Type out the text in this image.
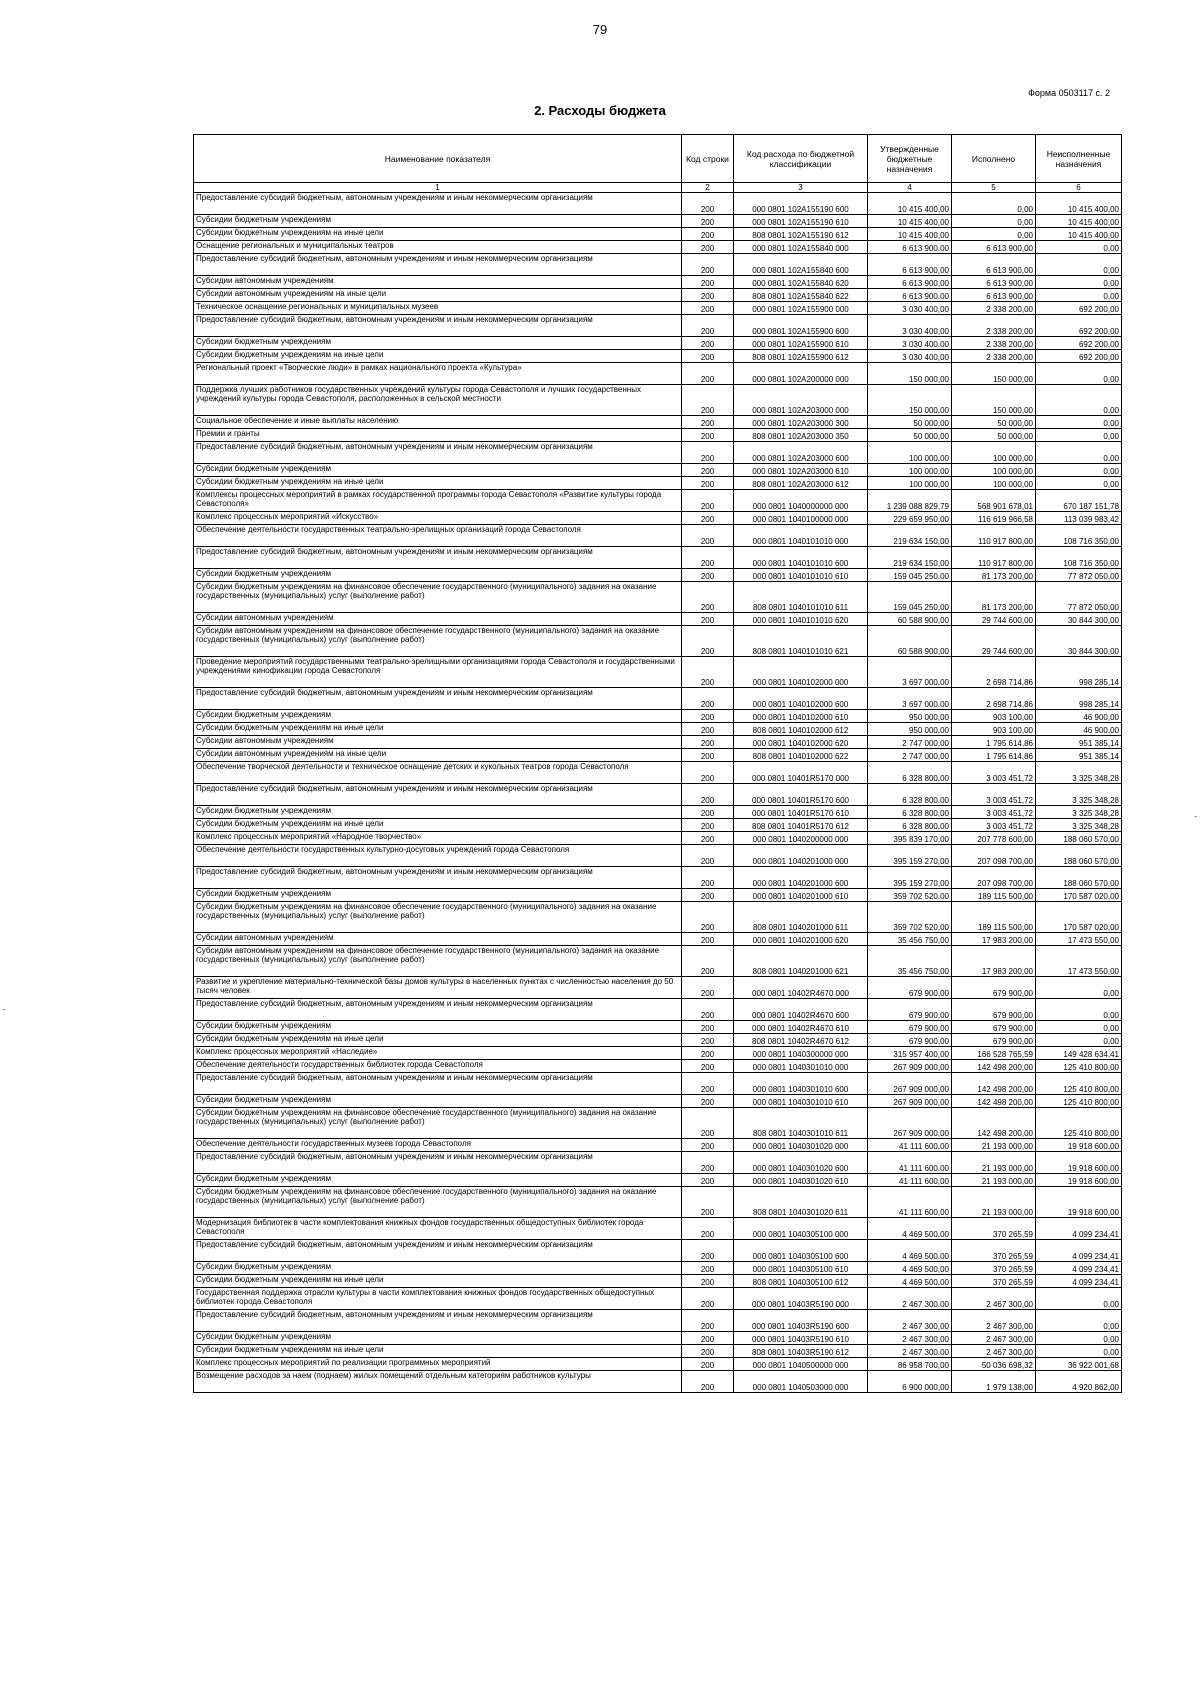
79
Форма 0503117 с. 2
2. Расходы бюджета
-
-
Наименование показателя	Код строки	Код расхода по бюджетной классификации	Утвержденные бюджетные назначения	Исполнено	Неисполненные назначения
1	2	3	4	5	6
Предоставление субсидий бюджетным, автономным учреждениям и иным некоммерческим организациям	200	000 0801 102А155190 600	10 415 400,00	0,00	10 415 400,00
Субсидии бюджетным учреждениям	200	000 0801 102А155190 610	10 415 400,00	0,00	10 415 400,00
Субсидии бюджетным учреждениям на иные цели	200	808 0801 102А155190 612	10 415 400,00	0,00	10 415 400,00
Оснащение региональных и муниципальных театров	200	000 0801 102А155840 000	6 613 900,00	6 613 900,00	0,00
Предоставление субсидий бюджетным, автономным учреждениям и иным некоммерческим организациям	200	000 0801 102А155840 600	6 613 900,00	6 613 900,00	0,00
Субсидии автономным учреждениям	200	000 0801 102А155840 620	6 613 900,00	6 613 900,00	0,00
Субсидии автономным учреждениям на иные цели	200	808 0801 102А155840 622	6 613 900,00	6 613 900,00	0,00
Техническое оснащение региональных и муниципальных музеев	200	000 0801 102А155900 000	3 030 400,00	2 338 200,00	692 200,00
Предоставление субсидий бюджетным, автономным учреждениям и иным некоммерческим организациям	200	000 0801 102А155900 600	3 030 400,00	2 338 200,00	692 200,00
Субсидии бюджетным учреждениям	200	000 0801 102А155900 610	3 030 400,00	2 338 200,00	692 200,00
Субсидии бюджетным учреждениям на иные цели	200	808 0801 102А155900 612	3 030 400,00	2 338 200,00	692 200,00
Региональный проект «Творческие люди» в рамках национального проекта «Культура»	200	000 0801 102А200000 000	150 000,00	150 000,00	0,00
Поддержка лучших работников государственных учреждений культуры города Севастополя и лучших государственных учреждений культуры города Севастополя, расположенных в сельской местности	200	000 0801 102А203000 000	150 000,00	150 000,00	0,00
Социальное обеспечение и иные выплаты населению	200	000 0801 102А203000 300	50 000,00	50 000,00	0,00
Премии и гранты	200	808 0801 102А203000 350	50 000,00	50 000,00	0,00
Предоставление субсидий бюджетным, автономным учреждениям и иным некоммерческим организациям	200	000 0801 102А203000 600	100 000,00	100 000,00	0,00
Субсидии бюджетным учреждениям	200	000 0801 102А203000 610	100 000,00	100 000,00	0,00
Субсидии бюджетным учреждениям на иные цели	200	808 0801 102А203000 612	100 000,00	100 000,00	0,00
Комплексы процессных мероприятий в рамках государственной программы города Севастополя «Развитие культуры города Севастополя»	200	000 0801 1040000000 000	1 239 088 829,79	568 901 678,01	670 187 151,78
Комплекс процессных мероприятий «Искусство»	200	000 0801 1040100000 000	229 659 950,00	116 619 966,58	113 039 983,42
Обеспечение деятельности государственных театрально-зрелищных организаций города Севастополя	200	000 0801 1040101010 000	219 634 150,00	110 917 800,00	108 716 350,00
Предоставление субсидий бюджетным, автономным учреждениям и иным некоммерческим организациям	200	000 0801 1040101010 600	219 634 150,00	110 917 800,00	108 716 350,00
Субсидии бюджетным учреждениям	200	000 0801 1040101010 610	159 045 250,00	81 173 200,00	77 872 050,00
Субсидии бюджетным учреждениям на финансовое обеспечение государственного (муниципального) задания на оказание государственных (муниципальных) услуг (выполнение работ)	200	808 0801 1040101010 611	159 045 250,00	81 173 200,00	77 872 050,00
Субсидии автономным учреждениям	200	000 0801 1040101010 620	60 588 900,00	29 744 600,00	30 844 300,00
Субсидии автономным учреждениям на финансовое обеспечение государственного (муниципального) задания на оказание государственных (муниципальных) услуг (выполнение работ)	200	808 0801 1040101010 621	60 588 900,00	29 744 600,00	30 844 300,00
Проведение мероприятий государственными театрально-зрелищными организациями города Севастополя и государственными учреждениями кинофикации города Севастополя	200	000 0801 1040102000 000	3 697 000,00	2 698 714,86	998 285,14
Предоставление субсидий бюджетным, автономным учреждениям и иным некоммерческим организациям	200	000 0801 1040102000 600	3 697 000,00	2 698 714,86	998 285,14
Субсидии бюджетным учреждениям	200	000 0801 1040102000 610	950 000,00	903 100,00	46 900,00
Субсидии бюджетным учреждениям на иные цели	200	808 0801 1040102000 612	950 000,00	903 100,00	46 900,00
Субсидии автономным учреждениям	200	000 0801 1040102000 620	2 747 000,00	1 795 614,86	951 385,14
Субсидии автономным учреждениям на иные цели	200	808 0801 1040102000 622	2 747 000,00	1 795 614,86	951 385,14
Обеспечение творческой деятельности и техническое оснащение детских и кукольных театров города Севастополя	200	000 0801 10401R5170 000	6 328 800,00	3 003 451,72	3 325 348,28
Предоставление субсидий бюджетным, автономным учреждениям и иным некоммерческим организациям	200	000 0801 10401R5170 600	6 328 800,00	3 003 451,72	3 325 348,28
Субсидии бюджетным учреждениям	200	000 0801 10401R5170 610	6 328 800,00	3 003 451,72	3 325 348,28
Субсидии бюджетным учреждениям на иные цели	200	808 0801 10401R5170 612	6 328 800,00	3 003 451,72	3 325 348,28
Комплекс процессных мероприятий «Народное творчество»	200	000 0801 1040200000 000	395 839 170,00	207 778 600,00	188 060 570,00
Обеспечение деятельности государственных культурно-досуговых учреждений города Севастополя	200	000 0801 1040201000 000	395 159 270,00	207 098 700,00	188 060 570,00
Предоставление субсидий бюджетным, автономным учреждениям и иным некоммерческим организациям	200	000 0801 1040201000 600	395 159 270,00	207 098 700,00	188 060 570,00
Субсидии бюджетным учреждениям	200	000 0801 1040201000 610	359 702 520,00	189 115 500,00	170 587 020,00
Субсидии бюджетным учреждениям на финансовое обеспечение государственного (муниципального) задания на оказание государственных (муниципальных) услуг (выполнение работ)	200	808 0801 1040201000 611	359 702 520,00	189 115 500,00	170 587 020,00
Субсидии автономным учреждениям	200	000 0801 1040201000 620	35 456 750,00	17 983 200,00	17 473 550,00
Субсидии автономным учреждениям на финансовое обеспечение государственного (муниципального) задания на оказание государственных (муниципальных) услуг (выполнение работ)	200	808 0801 1040201000 621	35 456 750,00	17 983 200,00	17 473 550,00
Развитие и укрепление материально-технической базы домов культуры в населенных пунктах с численностью населения до 50 тысяч человек	200	000 0801 10402R4670 000	679 900,00	679 900,00	0,00
Предоставление субсидий бюджетным, автономным учреждениям и иным некоммерческим организациям	200	000 0801 10402R4670 600	679 900,00	679 900,00	0,00
Субсидии бюджетным учреждениям	200	000 0801 10402R4670 610	679 900,00	679 900,00	0,00
Субсидии бюджетным учреждениям на иные цели	200	808 0801 10402R4670 612	679 900,00	679 900,00	0,00
Комплекс процессных мероприятий «Наследие»	200	000 0801 1040300000 000	315 957 400,00	166 528 765,59	149 428 634,41
Обеспечение деятельности государственных библиотек города Севастополя	200	000 0801 1040301010 000	267 909 000,00	142 498 200,00	125 410 800,00
Предоставление субсидий бюджетным, автономным учреждениям и иным некоммерческим организациям	200	000 0801 1040301010 600	267 909 000,00	142 498 200,00	125 410 800,00
Субсидии бюджетным учреждениям	200	000 0801 1040301010 610	267 909 000,00	142 498 200,00	125 410 800,00
Субсидии бюджетным учреждениям на финансовое обеспечение государственного (муниципального) задания на оказание государственных (муниципальных) услуг (выполнение работ)	200	808 0801 1040301010 611	267 909 000,00	142 498 200,00	125 410 800,00
Обеспечение деятельности государственных музеев города Севастополя	200	000 0801 1040301020 000	41 111 600,00	21 193 000,00	19 918 600,00
Предоставление субсидий бюджетным, автономным учреждениям и иным некоммерческим организациям	200	000 0801 1040301020 600	41 111 600,00	21 193 000,00	19 918 600,00
Субсидии бюджетным учреждениям	200	000 0801 1040301020 610	41 111 600,00	21 193 000,00	19 918 600,00
Субсидии бюджетным учреждениям на финансовое обеспечение государственного (муниципального) задания на оказание государственных (муниципальных) услуг (выполнение работ)	200	808 0801 1040301020 611	41 111 600,00	21 193 000,00	19 918 600,00
Модернизация библиотек в части комплектования книжных фондов государственных общедоступных библиотек города Севастополя	200	000 0801 1040305100 000	4 469 500,00	370 265,59	4 099 234,41
Предоставление субсидий бюджетным, автономным учреждениям и иным некоммерческим организациям	200	000 0801 1040305100 600	4 469 500,00	370 265,59	4 099 234,41
Субсидии бюджетным учреждениям	200	000 0801 1040305100 610	4 469 500,00	370 265,59	4 099 234,41
Субсидии бюджетным учреждениям на иные цели	200	808 0801 1040305100 612	4 469 500,00	370 265,59	4 099 234,41
Государственная поддержка отрасли культуры в части комплектования книжных фондов государственных общедоступных библиотек города Севастополя	200	000 0801 10403R5190 000	2 467 300,00	2 467 300,00	0,00
Предоставление субсидий бюджетным, автономным учреждениям и иным некоммерческим организациям	200	000 0801 10403R5190 600	2 467 300,00	2 467 300,00	0,00
Субсидии бюджетным учреждениям	200	000 0801 10403R5190 610	2 467 300,00	2 467 300,00	0,00
Субсидии бюджетным учреждениям на иные цели	200	808 0801 10403R5190 612	2 467 300,00	2 467 300,00	0,00
Комплекс процессных мероприятий по реализации программных мероприятий	200	000 0801 1040500000 000	86 958 700,00	50 036 698,32	36 922 001,68
Возмещение расходов за наем (поднаем) жилых помещений отдельным категориям работников культуры	200	000 0801 1040503000 000	6 900 000,00	1 979 138,00	4 920 862,00
